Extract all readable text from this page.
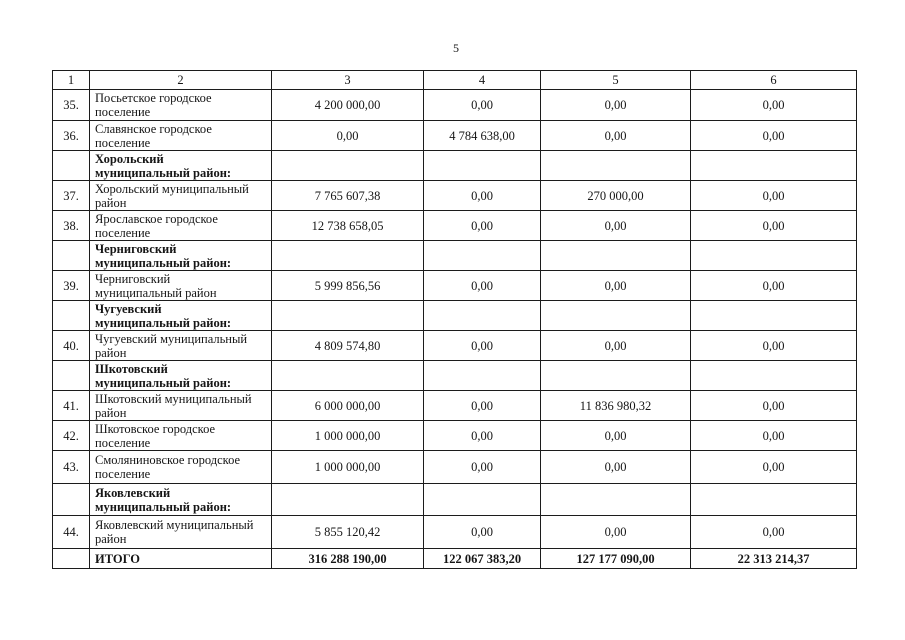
5
1	2	3	4	5	6
35.	Посьетское городское
поселение	4 200 000,00	0,00	0,00	0,00
36.	Славянское городское
поселение	0,00	4 784 638,00	0,00	0,00
	Хорольский
муниципальный район:				
37.	Хорольский муниципальный
район	7 765 607,38	0,00	270 000,00	0,00
38.	Ярославское городское
поселение	12 738 658,05	0,00	0,00	0,00
	Черниговский
муниципальный район:				
39.	Черниговский
муниципальный район	5 999 856,56	0,00	0,00	0,00
	Чугуевский
муниципальный район:				
40.	Чугуевский муниципальный
район	4 809 574,80	0,00	0,00	0,00
	Шкотовский
муниципальный район:				
41.	Шкотовский муниципальный
район	6 000 000,00	0,00	11 836 980,32	0,00
42.	Шкотовское городское
поселение	1 000 000,00	0,00	0,00	0,00
43.	Смоляниновское городское
поселение	1 000 000,00	0,00	0,00	0,00
	Яковлевский
муниципальный район:				
44.	Яковлевский муниципальный
район	5 855 120,42	0,00	0,00	0,00
	ИТОГО	316 288 190,00	122 067 383,20	127 177 090,00	22 313 214,37
